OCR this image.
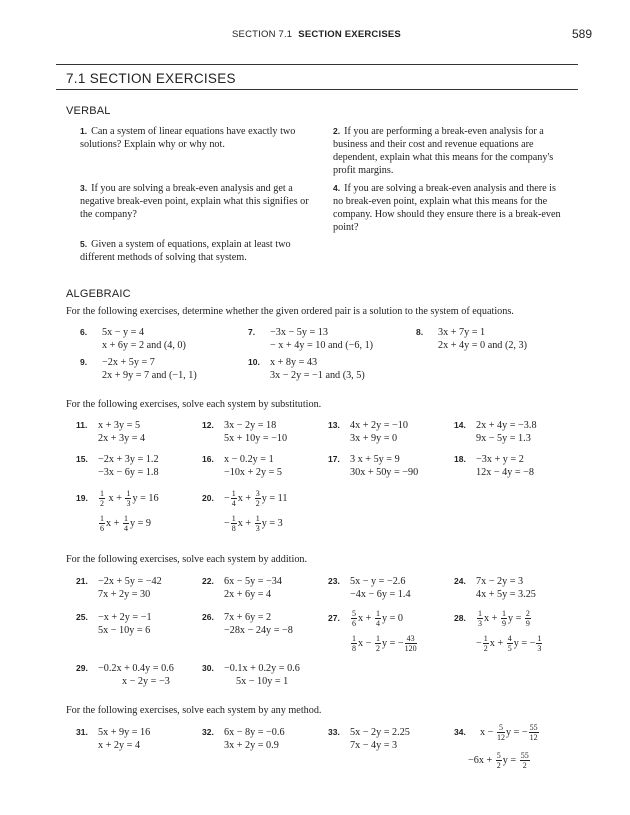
SECTION 7.1 SECTION EXERCISES	589
7.1 SECTION EXERCISES
VERBAL
1. Can a system of linear equations have exactly two solutions? Explain why or why not.
2. If you are performing a break-even analysis for a business and their cost and revenue equations are dependent, explain what this means for the company's profit margins.
3. If you are solving a break-even analysis and get a negative break-even point, explain what this signifies or the company?
4. If you are solving a break-even analysis and there is no break-even point, explain what this means for the company. How should they ensure there is a break-even point?
5. Given a system of equations, explain at least two different methods of solving that system.
ALGEBRAIC
For the following exercises, determine whether the given ordered pair is a solution to the system of equations.
6. 5x − y = 4
x + 6y = 2 and (4, 0)
7. −3x − 5y = 13
− x + 4y = 10 and (−6, 1)
8. 3x + 7y = 1
2x + 4y = 0 and (2, 3)
9. −2x + 5y = 7
2x + 9y = 7 and (−1, 1)
10. x + 8y = 43
3x − 2y = −1 and (3, 5)
For the following exercises, solve each system by substitution.
11. x + 3y = 5
2x + 3y = 4
12. 3x − 2y = 18
5x + 10y = −10
13. 4x + 2y = −10
3x + 9y = 0
14. 2x + 4y = −3.8
9x − 5y = 1.3
15. −2x + 3y = 1.2
−3x − 6y = 1.8
16. x − 0.2y = 1
−10x + 2y = 5
17. 3 x + 5y = 9
30x + 50y = −90
18. −3x + y = 2
12x − 4y = −8
19. $\frac{1}{2}$ $x + \frac{1}{3}$ y = 16
$\frac{1}{6}$ $x + \frac{1}{4}$ y = 9
20. − $\frac{1}{4}$ $x + \frac{3}{2}$ y = 11
− $\frac{1}{8}$ $x + \frac{1}{3}$ y = 3
For the following exercises, solve each system by addition.
21. −2x + 5y = −42
7x + 2y = 30
22. 6x − 5y = −34
2x + 6y = 4
23. 5x − y = −2.6
−4x − 6y = 1.4
24. 7x − 2y = 3
4x + 5y = 3.25
25. −x + 2y = −1
5x − 10y = 6
26. 7x + 6y = 2
−28x − 24y = −8
27. $\frac{5}{6}$ $x + \frac{1}{4}$ y = 0
$\frac{1}{8}$ $x - \frac{1}{2}$ y = − $\frac{43}{120}$
28. $\frac{1}{3}$ $x + \frac{1}{9}$ $y = \frac{2}{9}$
− $\frac{1}{2}$ $x + \frac{4}{5}$ y = − $\frac{1}{3}$
29. −0.2x + 0.4y = 0.6
x − 2y = −3
30. −0.1x + 0.2y = 0.6
5x − 10y = 1
For the following exercises, solve each system by any method.
31. 5x + 9y = 16
x + 2y = 4
32. 6x − 8y = −0.6
3x + 2y = 0.9
33. 5x − 2y = 2.25
7x − 4y = 3
34. $x - \frac{5}{12}$ y = − $\frac{55}{12}$
$-6x + \frac{5}{2}$ $y = \frac{55}{2}$
